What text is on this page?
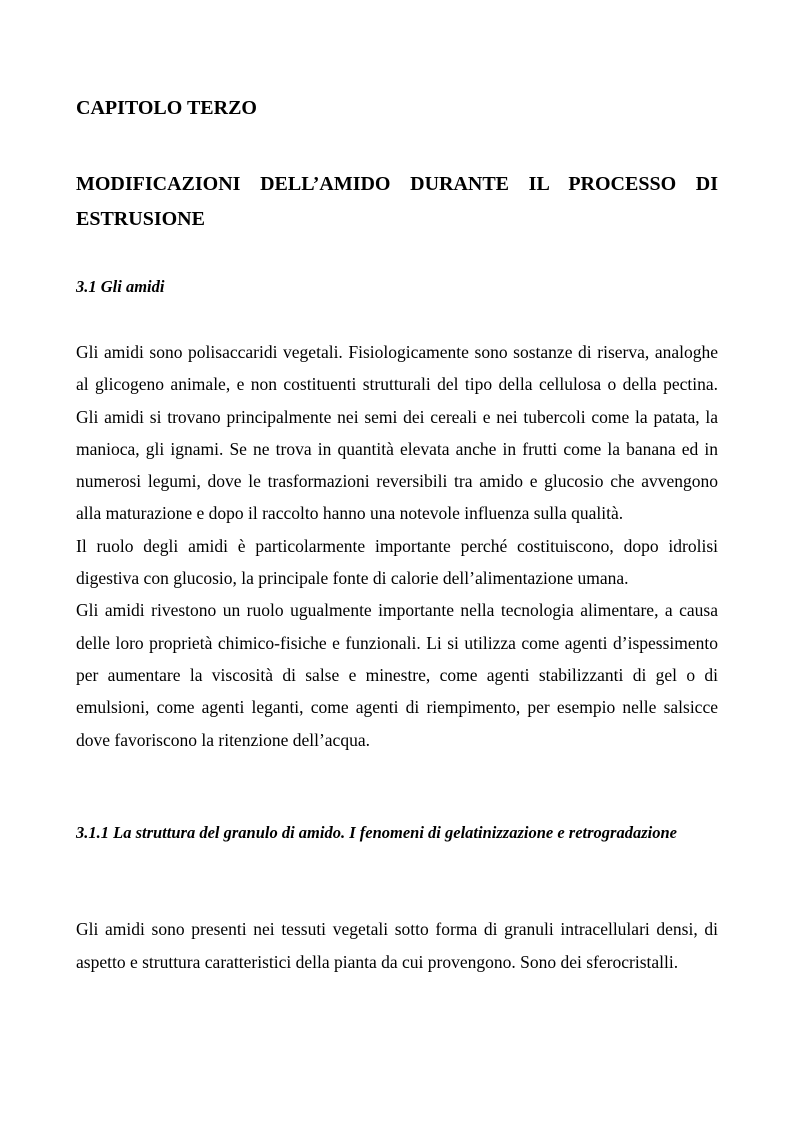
CAPITOLO TERZO
MODIFICAZIONI DELL’AMIDO DURANTE IL PROCESSO DI ESTRUSIONE
3.1 Gli amidi

Gli amidi sono polisaccaridi vegetali. Fisiologicamente sono sostanze di riserva, analoghe al glicogeno animale, e non costituenti strutturali del tipo della cellulosa o della pectina. Gli amidi si trovano principalmente nei semi dei cereali e nei tubercoli come la patata, la manioca, gli ignami. Se ne trova in quantità elevata anche in frutti come la banana ed in numerosi legumi, dove le trasformazioni reversibili tra amido e glucosio che avvengono alla maturazione e dopo il raccolto hanno una notevole influenza sulla qualità.

Il ruolo degli amidi è particolarmente importante perché costituiscono, dopo idrolisi digestiva con glucosio, la principale fonte di calorie dell’alimentazione umana.

Gli amidi rivestono un ruolo ugualmente importante nella tecnologia alimentare, a causa delle loro proprietà chimico-fisiche e funzionali. Li si utilizza come agenti d’ispessimento per aumentare la viscosità di salse e minestre, come agenti stabilizzanti di gel o di emulsioni, come agenti leganti, come agenti di riempimento, per esempio nelle salsicce dove favoriscono la ritenzione dell’acqua.

3.1.1 La struttura del granulo di amido. I fenomeni di gelatinizzazione e retrogradazione

Gli amidi sono presenti nei tessuti vegetali sotto forma di granuli intracellulari densi, di aspetto e struttura caratteristici della pianta da cui provengono. Sono dei sferocristalli.
